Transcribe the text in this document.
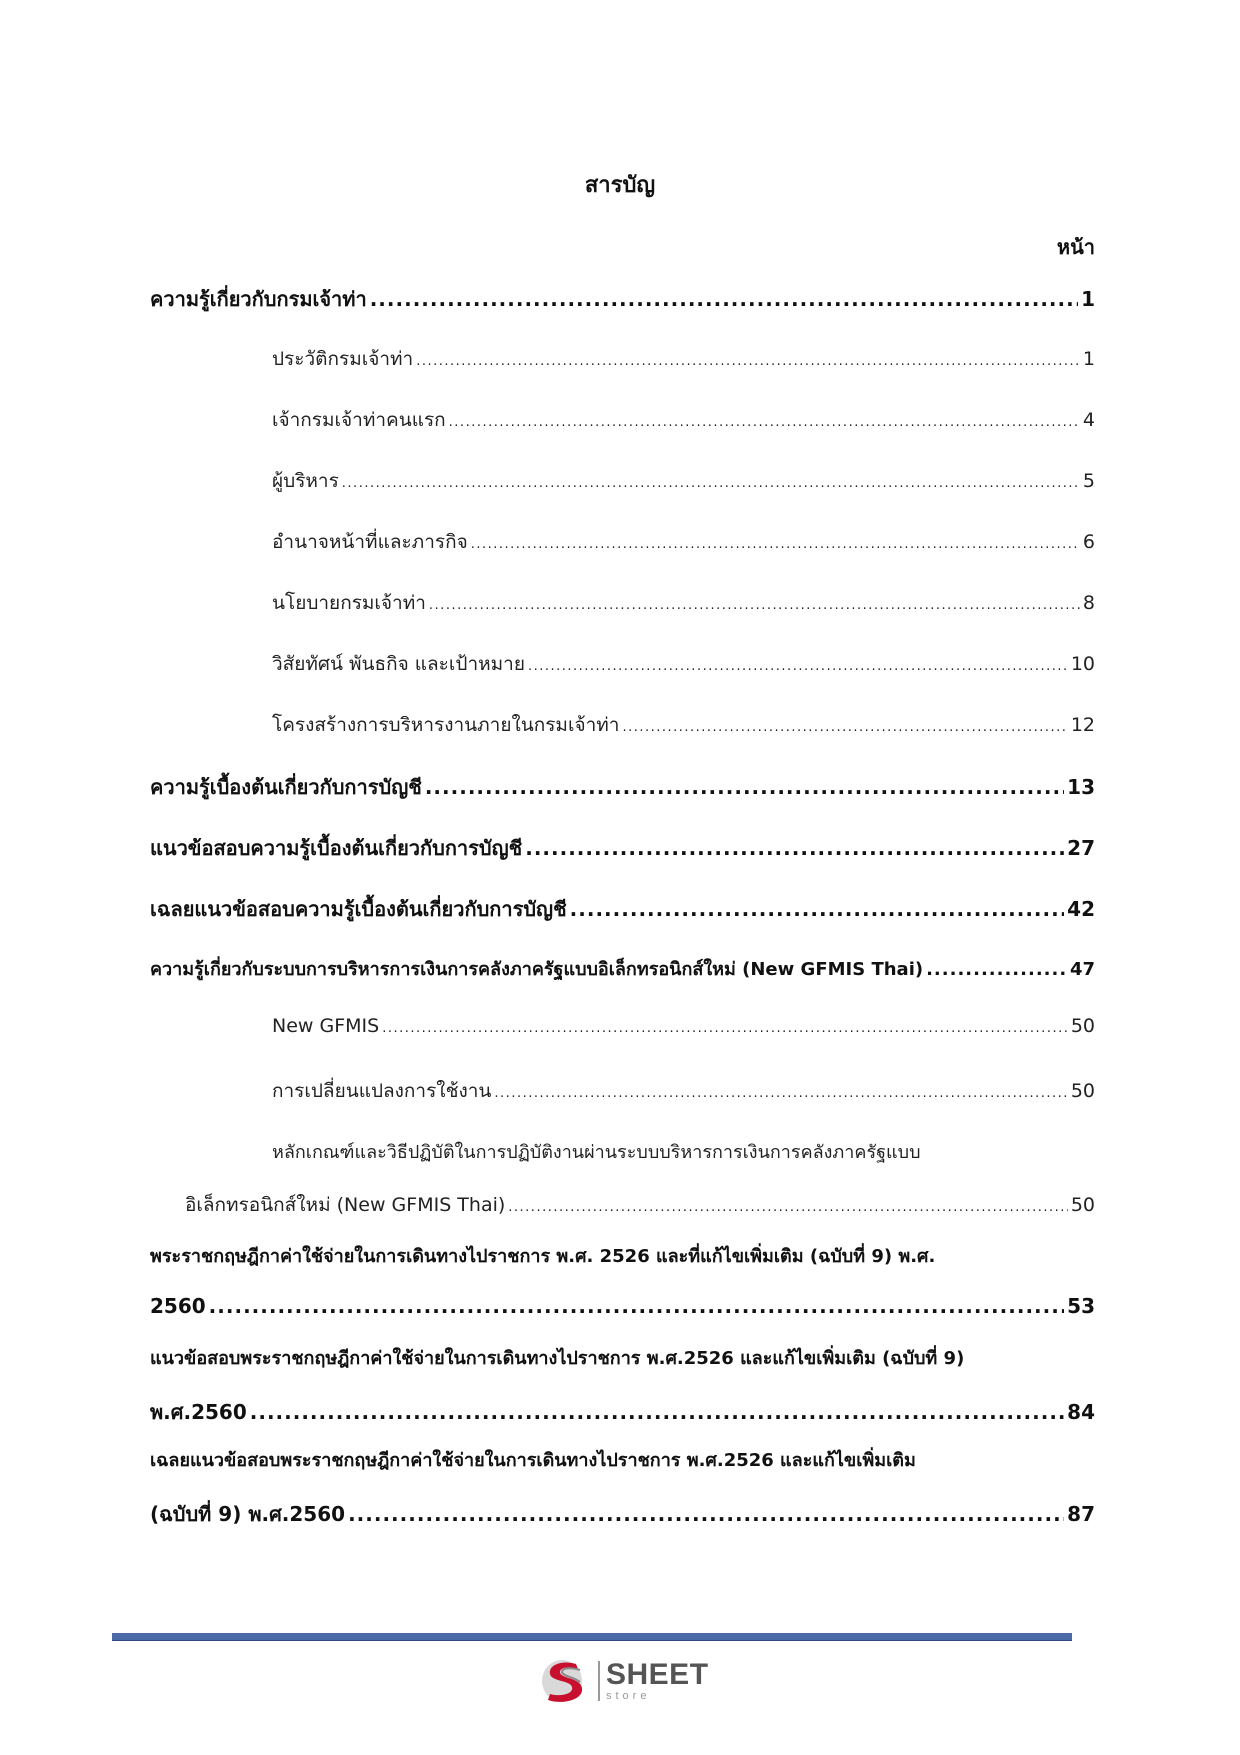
สารบัญ
หน้า
ความรู้เกี่ยวกับกรมเจ้าท่า .....	1
ประวัติกรมเจ้าท่า .....	1
เจ้ากรมเจ้าท่าคนแรก .....	4
ผู้บริหาร .....	5
อำนาจหน้าที่และภารกิจ .....	6
นโยบายกรมเจ้าท่า .....	8
วิสัยทัศน์ พันธกิจ และเป้าหมาย .....	10
โครงสร้างการบริหารงานภายในกรมเจ้าท่า .....	12
ความรู้เบื้องต้นเกี่ยวกับการบัญชี .....	13
แนวข้อสอบความรู้เบื้องต้นเกี่ยวกับการบัญชี .....	27
เฉลยแนวข้อสอบความรู้เบื้องต้นเกี่ยวกับการบัญชี .....	42
ความรู้เกี่ยวกับระบบการบริหารการเงินการคลังภาครัฐแบบอิเล็กทรอนิกส์ใหม่ (New GFMIS Thai) .....	47
New GFMIS .....	50
การเปลี่ยนแปลงการใช้งาน .....	50
หลักเกณฑ์และวิธีปฏิบัติในการปฏิบัติงานผ่านระบบบริหารการเงินการคลังภาครัฐแบบ
อิเล็กทรอนิกส์ใหม่ (New GFMIS Thai) .....	50
พระราชกฤษฎีกาค่าใช้จ่ายในการเดินทางไปราชการ พ.ศ. 2526 และที่แก้ไขเพิ่มเติม (ฉบับที่ 9) พ.ศ.
2560 .....	53
แนวข้อสอบพระราชกฤษฎีกาค่าใช้จ่ายในการเดินทางไปราชการ พ.ศ.2526 และแก้ไขเพิ่มเติม (ฉบับที่ 9)
พ.ศ.2560 .....	84
เฉลยแนวข้อสอบพระราชกฤษฎีกาค่าใช้จ่ายในการเดินทางไปราชการ พ.ศ.2526 และแก้ไขเพิ่มเติม
(ฉบับที่ 9) พ.ศ.2560 .....	87
SHEET
store
